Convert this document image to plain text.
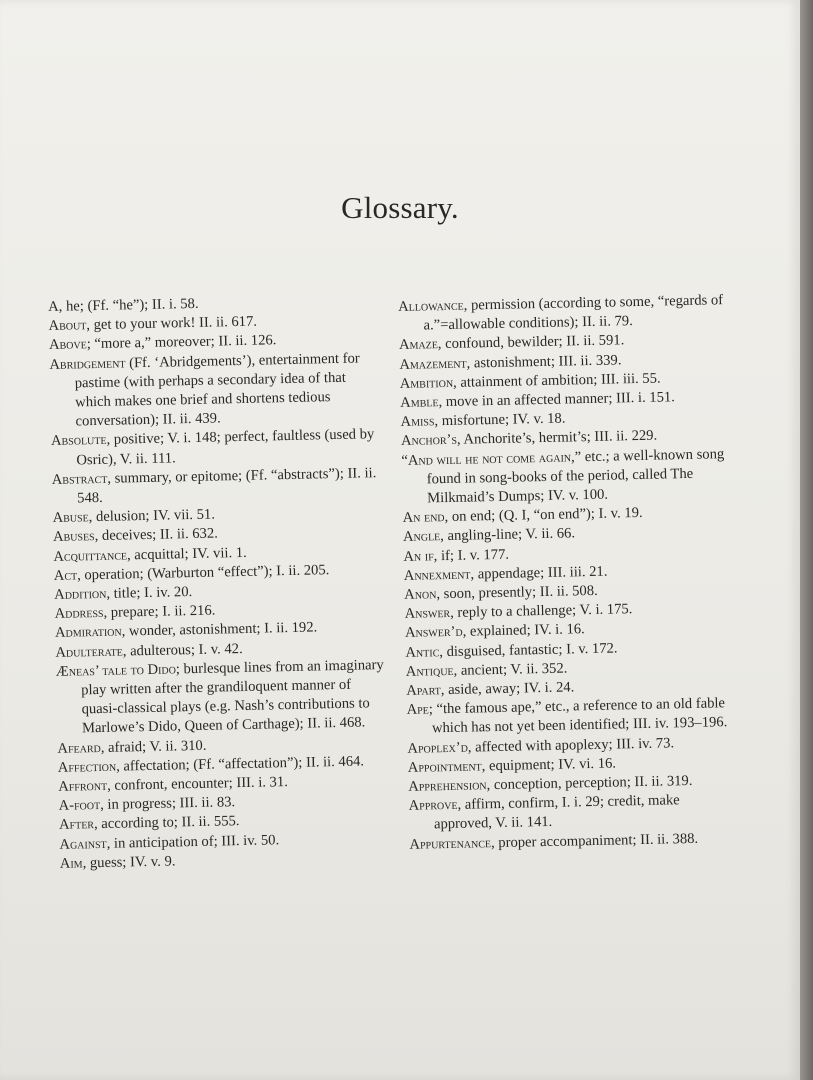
Glossary.

A, he; (Ff. “he”); II. i. 58.

About, get to your work! II. ii. 617.

Above; “more a,” moreover; II. ii. 126.

Abridgement (Ff. ‘Abridgements’), entertainment for pastime (with perhaps a secondary idea of that which makes one brief and shortens tedious conversation); II. ii. 439.

Absolute, positive; V. i. 148; perfect, faultless (used by Osric), V. ii. 111.

Abstract, summary, or epitome; (Ff. “abstracts”); II. ii. 548.

Abuse, delusion; IV. vii. 51.

Abuses, deceives; II. ii. 632.

Acquittance, acquittal; IV. vii. 1.

Act, operation; (Warburton “effect”); I. ii. 205.

Addition, title; I. iv. 20.

Address, prepare; I. ii. 216.

Admiration, wonder, astonishment; I. ii. 192.

Adulterate, adulterous; I. v. 42.

Æneas’ tale to Dido; burlesque lines from an imaginary play written after the grandiloquent manner of quasi-classical plays (e.g. Nash’s contributions to Marlowe’s Dido, Queen of Carthage); II. ii. 468.

Afeard, afraid; V. ii. 310.

Affection, affectation; (Ff. “affectation”); II. ii. 464.

Affront, confront, encounter; III. i. 31.

A-foot, in progress; III. ii. 83.

After, according to; II. ii. 555.

Against, in anticipation of; III. iv. 50.

Aim, guess; IV. v. 9.

Allowance, permission (according to some, “regards of a.”=allowable conditions); II. ii. 79.

Amaze, confound, bewilder; II. ii. 591.

Amazement, astonishment; III. ii. 339.

Ambition, attainment of ambition; III. iii. 55.

Amble, move in an affected manner; III. i. 151.

Amiss, misfortune; IV. v. 18.

Anchor’s, Anchorite’s, hermit’s; III. ii. 229.

“And will he not come again,” etc.; a well-known song found in song-books of the period, called The Milkmaid’s Dumps; IV. v. 100.

An end, on end; (Q. I, “on end”); I. v. 19.

Angle, angling-line; V. ii. 66.

An if, if; I. v. 177.

Annexment, appendage; III. iii. 21.

Anon, soon, presently; II. ii. 508.

Answer, reply to a challenge; V. i. 175.

Answer’d, explained; IV. i. 16.

Antic, disguised, fantastic; I. v. 172.

Antique, ancient; V. ii. 352.

Apart, aside, away; IV. i. 24.

Ape; “the famous ape,” etc., a reference to an old fable which has not yet been identified; III. iv. 193–196.

Apoplex’d, affected with apoplexy; III. iv. 73.

Appointment, equipment; IV. vi. 16.

Apprehension, conception, perception; II. ii. 319.

Approve, affirm, confirm, I. i. 29; credit, make approved, V. ii. 141.

Appurtenance, proper accompaniment; II. ii. 388.
